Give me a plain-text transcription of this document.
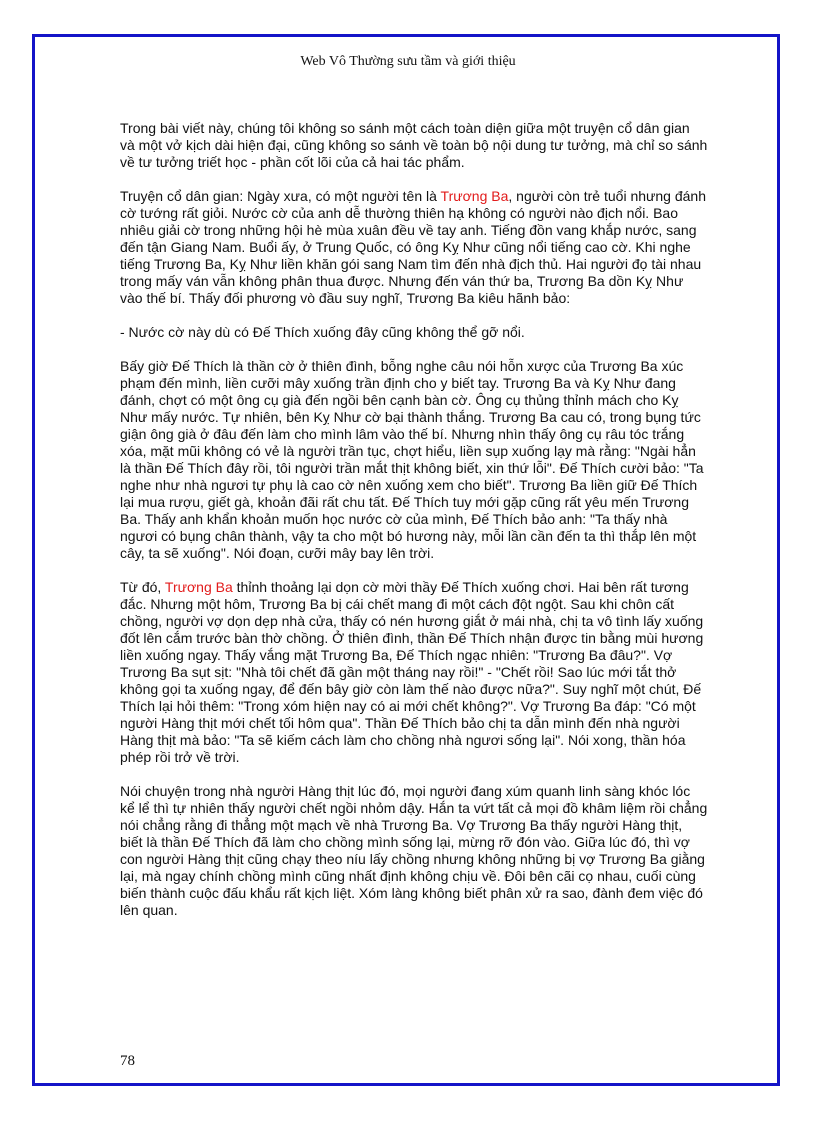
Web Vô Thường sưu tầm và giới thiệu

Trong bài viết này, chúng tôi không so sánh một cách toàn diện giữa một truyện cổ dân gian và một vở kịch dài hiện đại, cũng không so sánh về toàn bộ nội dung tư tưởng, mà chỉ so sánh về tư tưởng triết học - phần cốt lõi của cả hai tác phẩm.

Truyện cổ dân gian: Ngày xưa, có một người tên là Trương Ba, người còn trẻ tuổi nhưng đánh cờ tướng rất giỏi. Nước cờ của anh dễ thường thiên hạ không có người nào địch nổi. Bao nhiêu giải cờ trong những hội hè mùa xuân đều về tay anh. Tiếng đồn vang khắp nước, sang đến tận Giang Nam. Buổi ấy, ở Trung Quốc, có ông Kỵ Như cũng nổi tiếng cao cờ. Khi nghe tiếng Trương Ba, Kỵ Như liền khăn gói sang Nam tìm đến nhà địch thủ. Hai người đọ tài nhau trong mấy ván vẫn không phân thua được. Nhưng đến ván thứ ba, Trương Ba dồn Kỵ Như vào thế bí. Thấy đối phương vò đầu suy nghĩ, Trương Ba kiêu hãnh bảo:

- Nước cờ này dù có Đế Thích xuống đây cũng không thể gỡ nổi.

Bấy giờ Đế Thích là thần cờ ở thiên đình, bỗng nghe câu nói hỗn xược của Trương Ba xúc phạm đến mình, liền cưỡi mây xuống trần định cho y biết tay. Trương Ba và Kỵ Như đang đánh, chợt có một ông cụ già đến ngồi bên cạnh bàn cờ. Ông cụ thủng thỉnh mách cho Kỵ Như mấy nước. Tự nhiên, bên Kỵ Như cờ bại thành thắng. Trương Ba cau có, trong bụng tức giận ông già ở đâu đến làm cho mình lâm vào thế bí. Nhưng nhìn thấy ông cụ râu tóc trắng xóa, mặt mũi không có vẻ là người trần tục, chợt hiểu, liền sụp xuống lạy mà rằng: "Ngài hẳn là thần Đế Thích đây rồi, tôi người trần mắt thịt không biết, xin thứ lỗi". Đế Thích cười bảo: "Ta nghe như nhà ngươi tự phụ là cao cờ nên xuống xem cho biết". Trương Ba liền giữ Đế Thích lại mua rượu, giết gà, khoản đãi rất chu tất. Đế Thích tuy mới gặp cũng rất yêu mến Trương Ba. Thấy anh khẩn khoản muốn học nước cờ của mình, Đế Thích bảo anh: "Ta thấy nhà ngươi có bụng chân thành, vậy ta cho một bó hương này, mỗi lần cần đến ta thì thắp lên một cây, ta sẽ xuống". Nói đoạn, cưỡi mây bay lên trời.

Từ đó, Trương Ba thỉnh thoảng lại dọn cờ mời thầy Đế Thích xuống chơi. Hai bên rất tương đắc. Nhưng một hôm, Trương Ba bị cái chết mang đi một cách đột ngột. Sau khi chôn cất chồng, người vợ dọn dẹp nhà cửa, thấy có nén hương giắt ở mái nhà, chị ta vô tình lấy xuống đốt lên cắm trước bàn thờ chồng. Ở thiên đình, thần Đế Thích nhận được tin bằng mùi hương liền xuống ngay. Thấy vắng mặt Trương Ba, Đế Thích ngạc nhiên: "Trương Ba đâu?". Vợ Trương Ba sụt sịt: "Nhà tôi chết đã gần một tháng nay rồi!" - "Chết rồi! Sao lúc mới tắt thở không gọi ta xuống ngay, để đến bây giờ còn làm thế nào được nữa?". Suy nghĩ một chút, Đế Thích lại hỏi thêm: "Trong xóm hiện nay có ai mới chết không?". Vợ Trương Ba đáp: "Có một người Hàng thịt mới chết tối hôm qua". Thần Đế Thích bảo chị ta dẫn mình đến nhà người Hàng thịt mà bảo: "Ta sẽ kiếm cách làm cho chồng nhà ngươi sống lại". Nói xong, thần hóa phép rồi trở về trời.

Nói chuyện trong nhà người Hàng thịt lúc đó, mọi người đang xúm quanh linh sàng khóc lóc kể lể thì tự nhiên thấy người chết ngồi nhỏm dậy. Hắn ta vứt tất cả mọi đồ khâm liệm rồi chẳng nói chẳng rằng đi thẳng một mạch về nhà Trương Ba. Vợ Trương Ba thấy người Hàng thịt, biết là thần Đế Thích đã làm cho chồng mình sống lại, mừng rỡ đón vào. Giữa lúc đó, thì vợ con người Hàng thịt cũng chạy theo níu lấy chồng nhưng không những bị vợ Trương Ba giằng lại, mà ngay chính chồng mình cũng nhất định không chịu về. Đôi bên cãi cọ nhau, cuối cùng biến thành cuộc đấu khẩu rất kịch liệt. Xóm làng không biết phân xử ra sao, đành đem việc đó lên quan.

78
